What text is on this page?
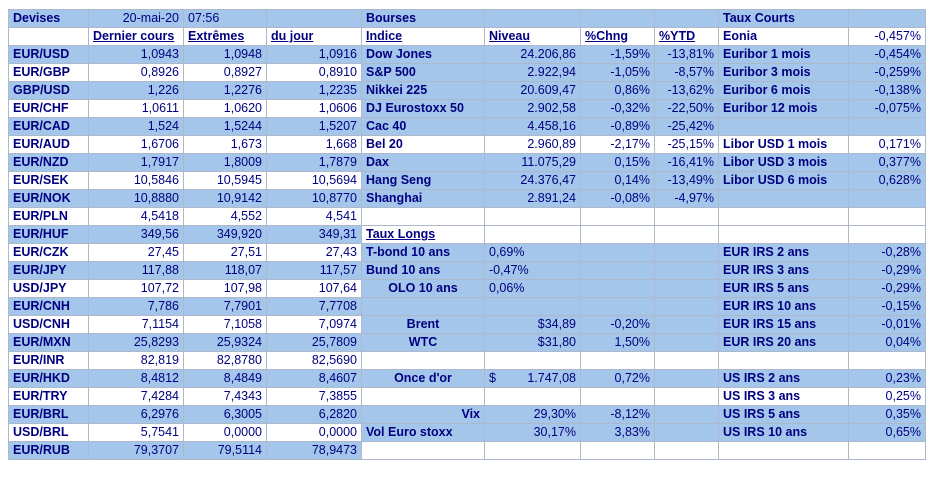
Devises	20-mai-20	07:56		Bourses				Taux Courts	
	Dernier cours	Extrêmes	du jour	Indice	Niveau	%Chng	%YTD	Eonia	-0,457%
EUR/USD	1,0943	1,0948	1,0916	Dow Jones	24.206,86	-1,59%	-13,81%	Euribor 1 mois	-0,454%
EUR/GBP	0,8926	0,8927	0,8910	S&P 500	2.922,94	-1,05%	-8,57%	Euribor 3 mois	-0,259%
GBP/USD	1,226	1,2276	1,2235	Nikkei 225	20.609,47	0,86%	-13,62%	Euribor 6 mois	-0,138%
EUR/CHF	1,0611	1,0620	1,0606	DJ Eurostoxx 50	2.902,58	-0,32%	-22,50%	Euribor 12 mois	-0,075%
EUR/CAD	1,524	1,5244	1,5207	Cac 40	4.458,16	-0,89%	-25,42%		
EUR/AUD	1,6706	1,673	1,668	Bel 20	2.960,89	-2,17%	-25,15%	Libor USD 1 mois	0,171%
EUR/NZD	1,7917	1,8009	1,7879	Dax	11.075,29	0,15%	-16,41%	Libor USD 3 mois	0,377%
EUR/SEK	10,5846	10,5945	10,5694	Hang Seng	24.376,47	0,14%	-13,49%	Libor USD 6 mois	0,628%
EUR/NOK	10,8880	10,9142	10,8770	Shanghai	2.891,24	-0,08%	-4,97%		
EUR/PLN	4,5418	4,552	4,541						
EUR/HUF	349,56	349,920	349,31	Taux Longs					
EUR/CZK	27,45	27,51	27,43	T-bond 10 ans	0,69%			EUR IRS 2 ans	-0,28%
EUR/JPY	117,88	118,07	117,57	Bund 10 ans	-0,47%			EUR IRS 3 ans	-0,29%
USD/JPY	107,72	107,98	107,64	OLO 10 ans	0,06%			EUR IRS 5 ans	-0,29%
EUR/CNH	7,786	7,7901	7,7708					EUR IRS 10 ans	-0,15%
USD/CNH	7,1154	7,1058	7,0974	Brent	$34,89	-0,20%		EUR IRS 15 ans	-0,01%
EUR/MXN	25,8293	25,9324	25,7809	WTC	$31,80	1,50%		EUR IRS 20 ans	0,04%
EUR/INR	82,819	82,8780	82,5690						
EUR/HKD	8,4812	8,4849	8,4607	Once d'or	$ 1.747,08	0,72%		US IRS 2 ans	0,23%
EUR/TRY	7,4284	7,4343	7,3855					US IRS 3 ans	0,25%
EUR/BRL	6,2976	6,3005	6,2820	Vix	29,30%	-8,12%		US IRS 5 ans	0,35%
USD/BRL	5,7541	0,0000	0,0000	Vol Euro stoxx	30,17%	3,83%		US IRS 10 ans	0,65%
EUR/RUB	79,3707	79,5114	78,9473						
